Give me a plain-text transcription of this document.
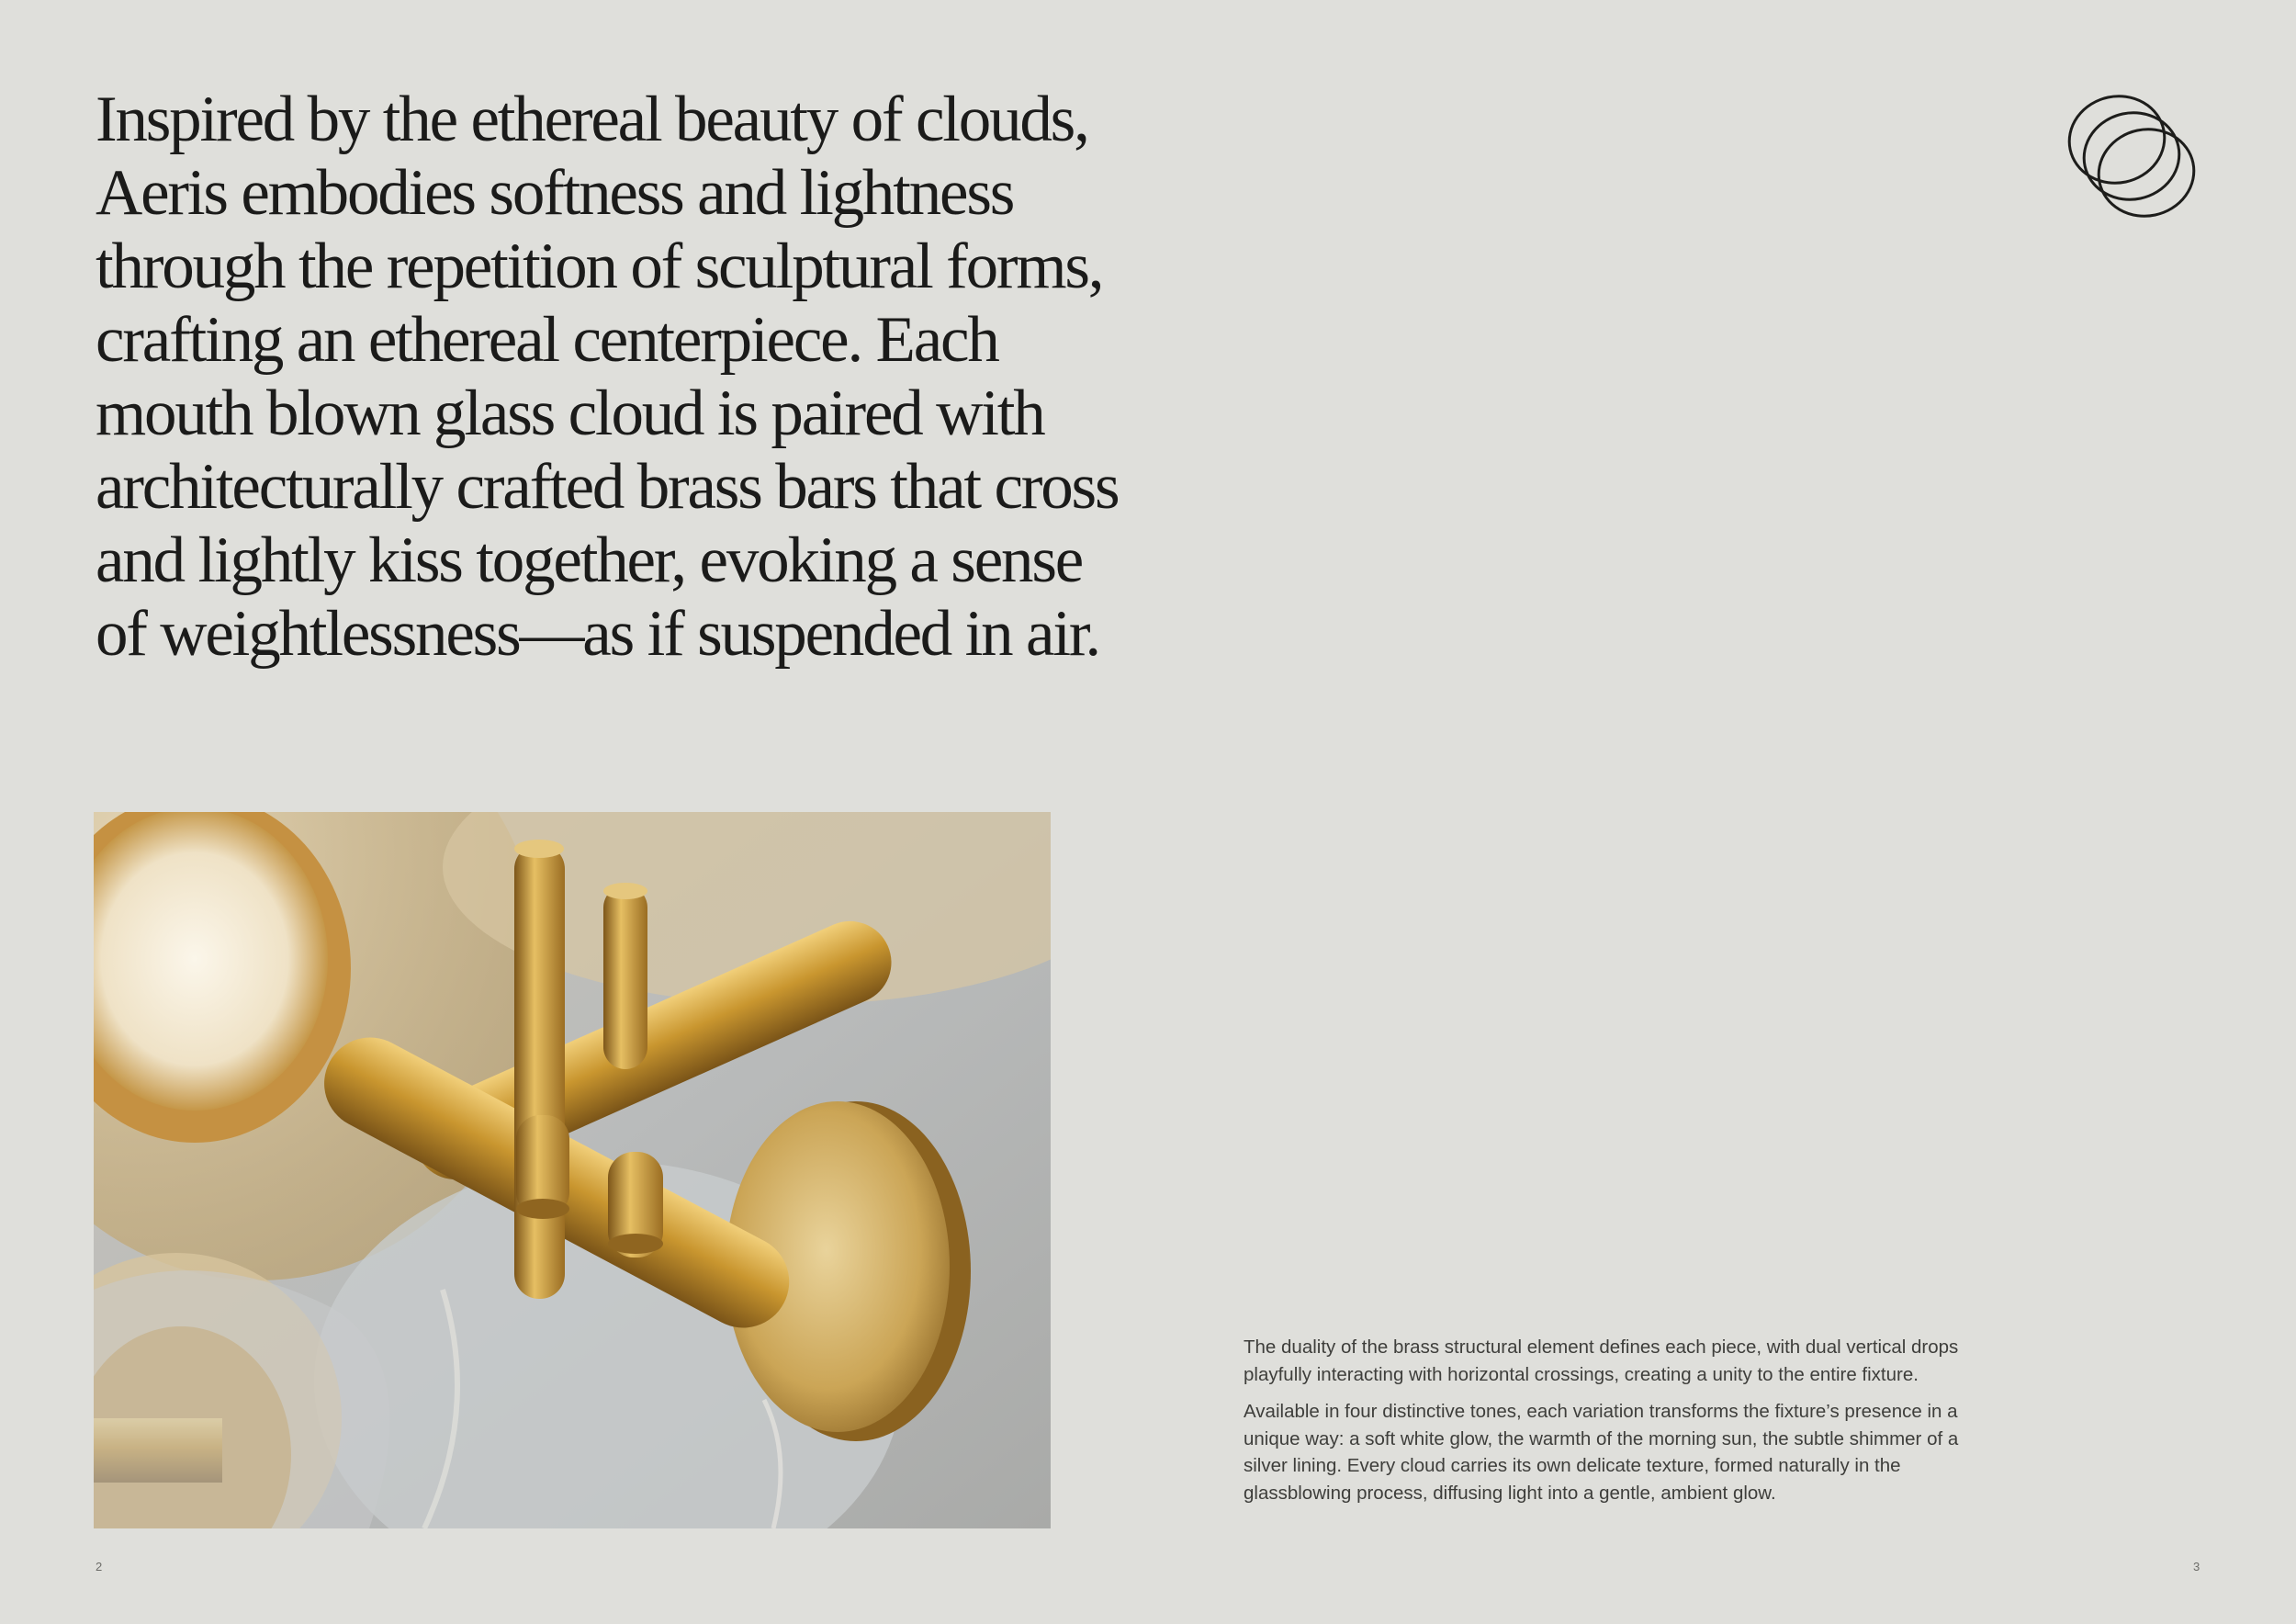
Inspired by the ethereal beauty of clouds, Aeris embodies softness and lightness through the repetition of sculptural forms, crafting an ethereal centerpiece. Each mouth blown glass cloud is paired with architecturally crafted brass bars that cross and lightly kiss together, evoking a sense of weightlessness—as if suspended in air.

The duality of the brass structural element defines each piece, with dual vertical drops playfully interacting with horizontal crossings, creating a unity to the entire fixture.

Available in four distinctive tones, each variation transforms the fixture’s presence in a unique way: a soft white glow, the warmth of the morning sun, the subtle shimmer of a silver lining. Every cloud carries its own delicate texture, formed naturally in the glassblowing process, diffusing light into a gentle, ambient glow.

2	3
